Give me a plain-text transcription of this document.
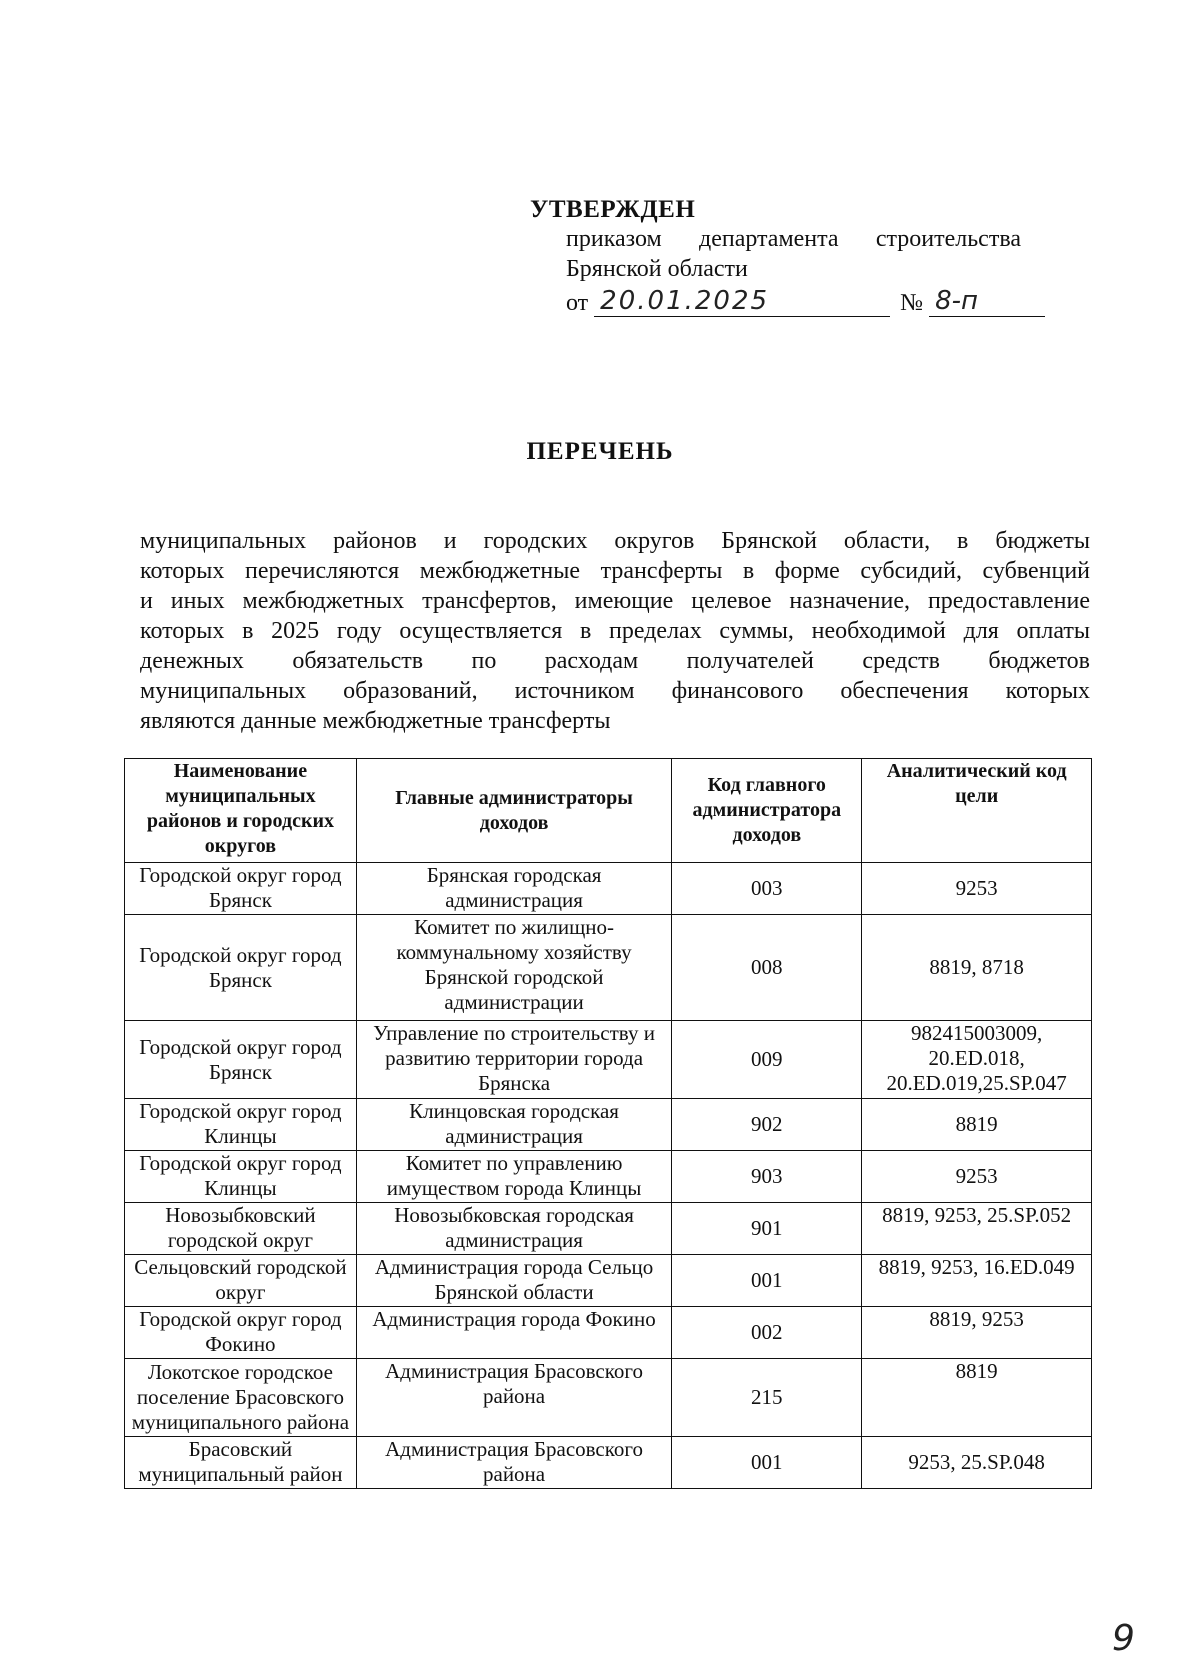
УТВЕРЖДЕН
приказом департамента строительства
Брянской области
от 20.01.2025	№ 8-п
ПЕРЕЧЕНЬ
муниципальных районов и городских округов Брянской области, в бюджеты
которых перечисляются межбюджетные трансферты в форме субсидий, субвенций
и иных межбюджетных трансфертов, имеющие целевое назначение, предоставление
которых в 2025 году осуществляется в пределах суммы, необходимой для оплаты
денежных обязательств по расходам получателей средств бюджетов
муниципальных образований, источником финансового обеспечения которых
являются данные межбюджетные трансферты
Наименование муниципальных районов и городских округов	Главные администраторы доходов	Код главного администратора доходов	Аналитический код цели
Городской округ город Брянск	Брянская городская администрация	003	9253
Городской округ город Брянск	Комитет по жилищно-коммунальному хозяйству Брянской городской администрации	008	8819, 8718
Городской округ город Брянск	Управление по строительству и развитию территории города Брянска	009	982415003009, 20.ED.018, 20.ED.019,25.SP.047
Городской округ город Клинцы	Клинцовская городская администрация	902	8819
Городской округ город Клинцы	Комитет по управлению имуществом города Клинцы	903	9253
Новозыбковский городской округ	Новозыбковская городская администрация	901	8819, 9253, 25.SP.052
Сельцовский городской округ	Администрация города Сельцо Брянской области	001	8819, 9253, 16.ED.049
Городской округ город Фокино	Администрация города Фокино	002	8819, 9253
Локотское городское поселение Брасовского муниципального района	Администрация Брасовского района	215	8819
Брасовский муниципальный район	Администрация Брасовского района	001	9253, 25.SP.048
9
